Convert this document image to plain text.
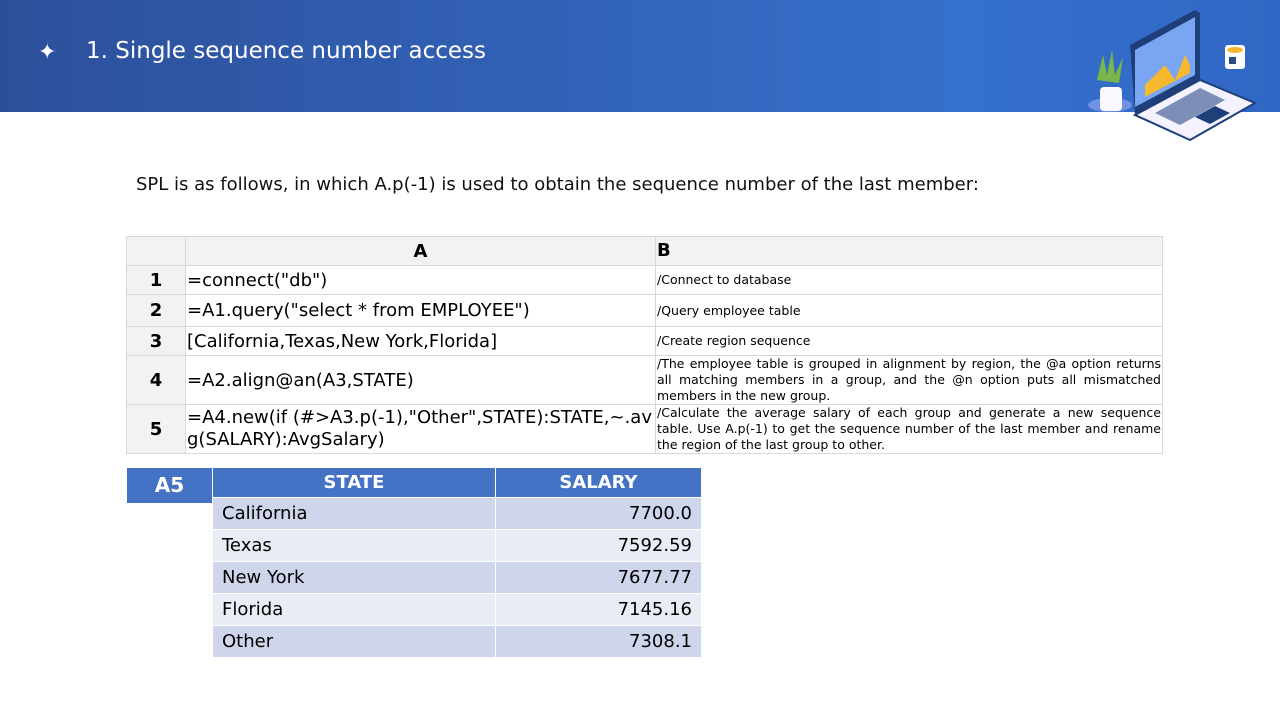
✦ 1. Single sequence number access
SPL is as follows, in which A.p(-1) is used to obtain the sequence number of the last member:
	A	B
1	=connect("db")	/Connect to database
2	=A1.query("select * from EMPLOYEE")	/Query employee table
3	[California,Texas,New York,Florida]	/Create region sequence
4	=A2.align@an(A3,STATE)	/The employee table is grouped in alignment by region, the @a option returns all matching members in a group, and the @n option puts all mismatched members in the new group.
5	=A4.new(if (#>A3.p(-1),"Other",STATE):STATE,~.avg(SALARY):AvgSalary)	/Calculate the average salary of each group and generate a new sequence table. Use A.p(-1) to get the sequence number of the last member and rename the region of the last group to other.
A5	STATE	SALARY
California	7700.0
Texas	7592.59
New York	7677.77
Florida	7145.16
Other	7308.1
